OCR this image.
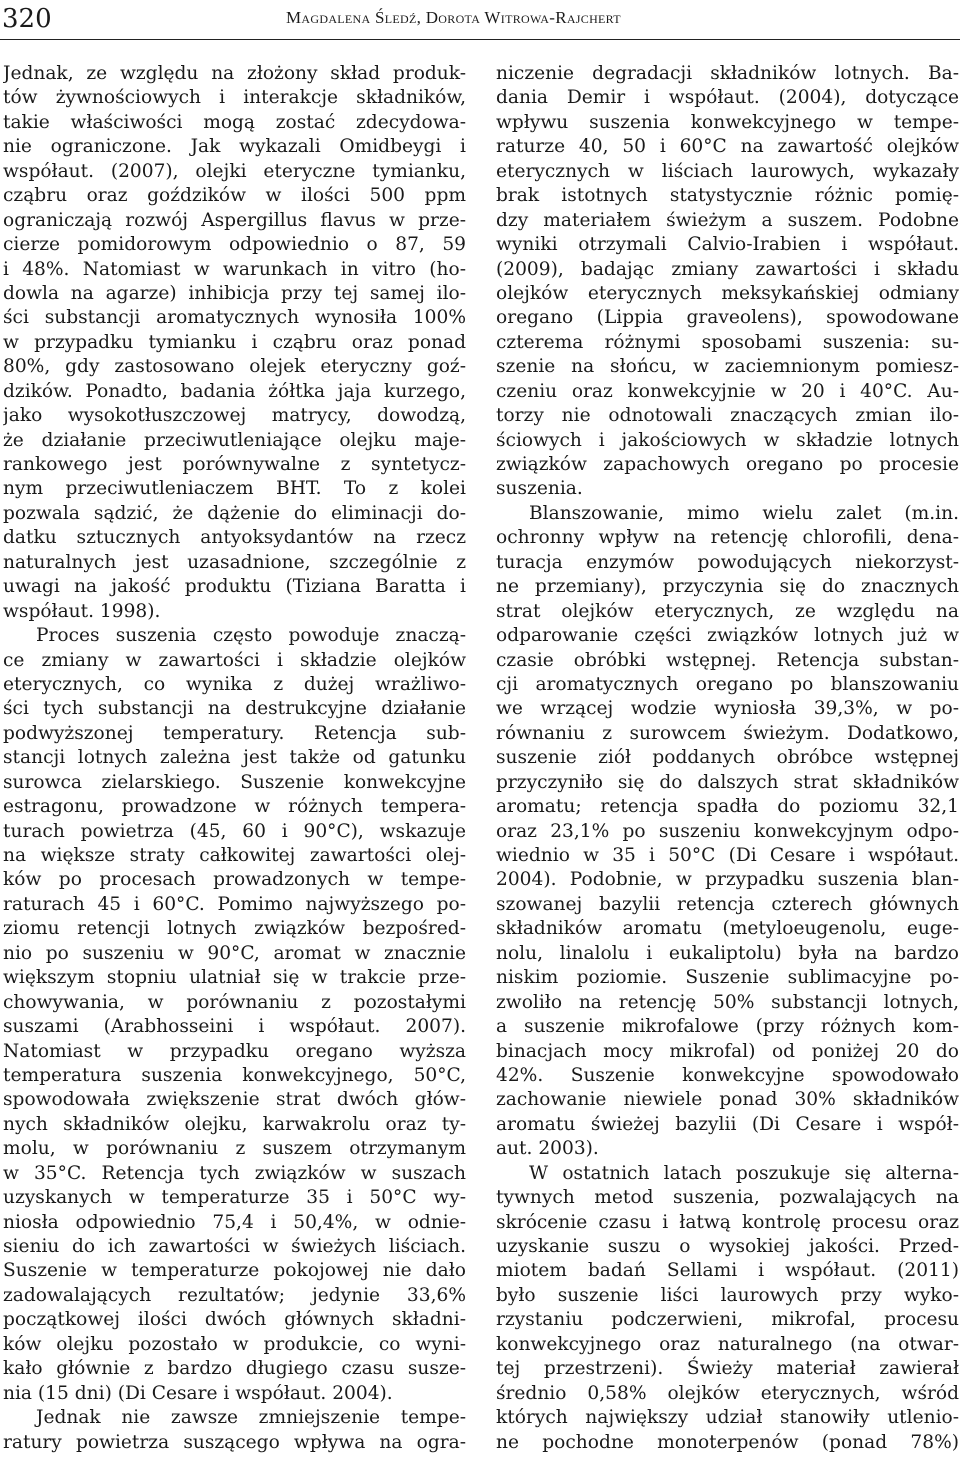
320	Magdalena Śledź, Dorota Witrowa-Rajchert
Jednak, ze względu na złożony skład produk-
tów żywnościowych i interakcje składników,
takie właściwości mogą zostać zdecydowa-
nie ograniczone. Jak wykazali Omidbeygi i
współaut. (2007), olejki eteryczne tymianku,
cząbru oraz goździków w ilości 500 ppm
ograniczają rozwój Aspergillus flavus w prze-
cierze pomidorowym odpowiednio o 87, 59
i 48%. Natomiast w warunkach in vitro (ho-
dowla na agarze) inhibicja przy tej samej ilo-
ści substancji aromatycznych wynosiła 100%
w przypadku tymianku i cząbru oraz ponad
80%, gdy zastosowano olejek eteryczny goź-
dzików. Ponadto, badania żółtka jaja kurzego,
jako wysokotłuszczowej matrycy, dowodzą,
że działanie przeciwutleniające olejku maje-
rankowego jest porównywalne z syntetycz-
nym przeciwutleniaczem BHT. To z kolei
pozwala sądzić, że dążenie do eliminacji do-
datku sztucznych antyoksydantów na rzecz
naturalnych jest uzasadnione, szczególnie z
uwagi na jakość produktu (Tiziana Baratta i
współaut. 1998).
Proces suszenia często powoduje znaczą-
ce zmiany w zawartości i składzie olejków
eterycznych, co wynika z dużej wrażliwo-
ści tych substancji na destrukcyjne działanie
podwyższonej temperatury. Retencja sub-
stancji lotnych zależna jest także od gatunku
surowca zielarskiego. Suszenie konwekcyjne
estragonu, prowadzone w różnych tempera-
turach powietrza (45, 60 i 90°C), wskazuje
na większe straty całkowitej zawartości olej-
ków po procesach prowadzonych w tempe-
raturach 45 i 60°C. Pomimo najwyższego po-
ziomu retencji lotnych związków bezpośred-
nio po suszeniu w 90°C, aromat w znacznie
większym stopniu ulatniał się w trakcie prze-
chowywania, w porównaniu z pozostałymi
suszami (Arabhosseini i współaut. 2007).
Natomiast w przypadku oregano wyższa
temperatura suszenia konwekcyjnego, 50°C,
spowodowała zwiększenie strat dwóch głów-
nych składników olejku, karwakrolu oraz ty-
molu, w porównaniu z suszem otrzymanym
w 35°C. Retencja tych związków w suszach
uzyskanych w temperaturze 35 i 50°C wy-
niosła odpowiednio 75,4 i 50,4%, w odnie-
sieniu do ich zawartości w świeżych liściach.
Suszenie w temperaturze pokojowej nie dało
zadowalających rezultatów; jedynie 33,6%
początkowej ilości dwóch głównych składni-
ków olejku pozostało w produkcie, co wyni-
kało głównie z bardzo długiego czasu susze-
nia (15 dni) (Di Cesare i współaut. 2004).
Jednak nie zawsze zmniejszenie tempe-
ratury powietrza suszącego wpływa na ogra-
niczenie degradacji składników lotnych. Ba-
dania Demir i współaut. (2004), dotyczące
wpływu suszenia konwekcyjnego w tempe-
raturze 40, 50 i 60°C na zawartość olejków
eterycznych w liściach laurowych, wykazały
brak istotnych statystycznie różnic pomię-
dzy materiałem świeżym a suszem. Podobne
wyniki otrzymali Calvio-Irabien i współaut.
(2009), badając zmiany zawartości i składu
olejków eterycznych meksykańskiej odmiany
oregano (Lippia graveolens), spowodowane
czterema różnymi sposobami suszenia: su-
szenie na słońcu, w zaciemnionym pomiesz-
czeniu oraz konwekcyjnie w 20 i 40°C. Au-
torzy nie odnotowali znaczących zmian ilo-
ściowych i jakościowych w składzie lotnych
związków zapachowych oregano po procesie
suszenia.
Blanszowanie, mimo wielu zalet (m.in.
ochronny wpływ na retencję chlorofili, dena-
turacja enzymów powodujących niekorzyst-
ne przemiany), przyczynia się do znacznych
strat olejków eterycznych, ze względu na
odparowanie części związków lotnych już w
czasie obróbki wstępnej. Retencja substan-
cji aromatycznych oregano po blanszowaniu
we wrzącej wodzie wyniosła 39,3%, w po-
równaniu z surowcem świeżym. Dodatkowo,
suszenie ziół poddanych obróbce wstępnej
przyczyniło się do dalszych strat składników
aromatu; retencja spadła do poziomu 32,1
oraz 23,1% po suszeniu konwekcyjnym odpo-
wiednio w 35 i 50°C (Di Cesare i współaut.
2004). Podobnie, w przypadku suszenia blan-
szowanej bazylii retencja czterech głównych
składników aromatu (metyloeugenolu, euge-
nolu, linalolu i eukaliptolu) była na bardzo
niskim poziomie. Suszenie sublimacyjne po-
zwoliło na retencję 50% substancji lotnych,
a suszenie mikrofalowe (przy różnych kom-
binacjach mocy mikrofal) od poniżej 20 do
42%. Suszenie konwekcyjne spowodowało
zachowanie niewiele ponad 30% składników
aromatu świeżej bazylii (Di Cesare i współ-
aut. 2003).
W ostatnich latach poszukuje się alterna-
tywnych metod suszenia, pozwalających na
skrócenie czasu i łatwą kontrolę procesu oraz
uzyskanie suszu o wysokiej jakości. Przed-
miotem badań Sellami i współaut. (2011)
było suszenie liści laurowych przy wyko-
rzystaniu podczerwieni, mikrofal, procesu
konwekcyjnego oraz naturalnego (na otwar-
tej przestrzeni). Świeży materiał zawierał
średnio 0,58% olejków eterycznych, wśród
których największy udział stanowiły utlenio-
ne pochodne monoterpenów (ponad 78%)
